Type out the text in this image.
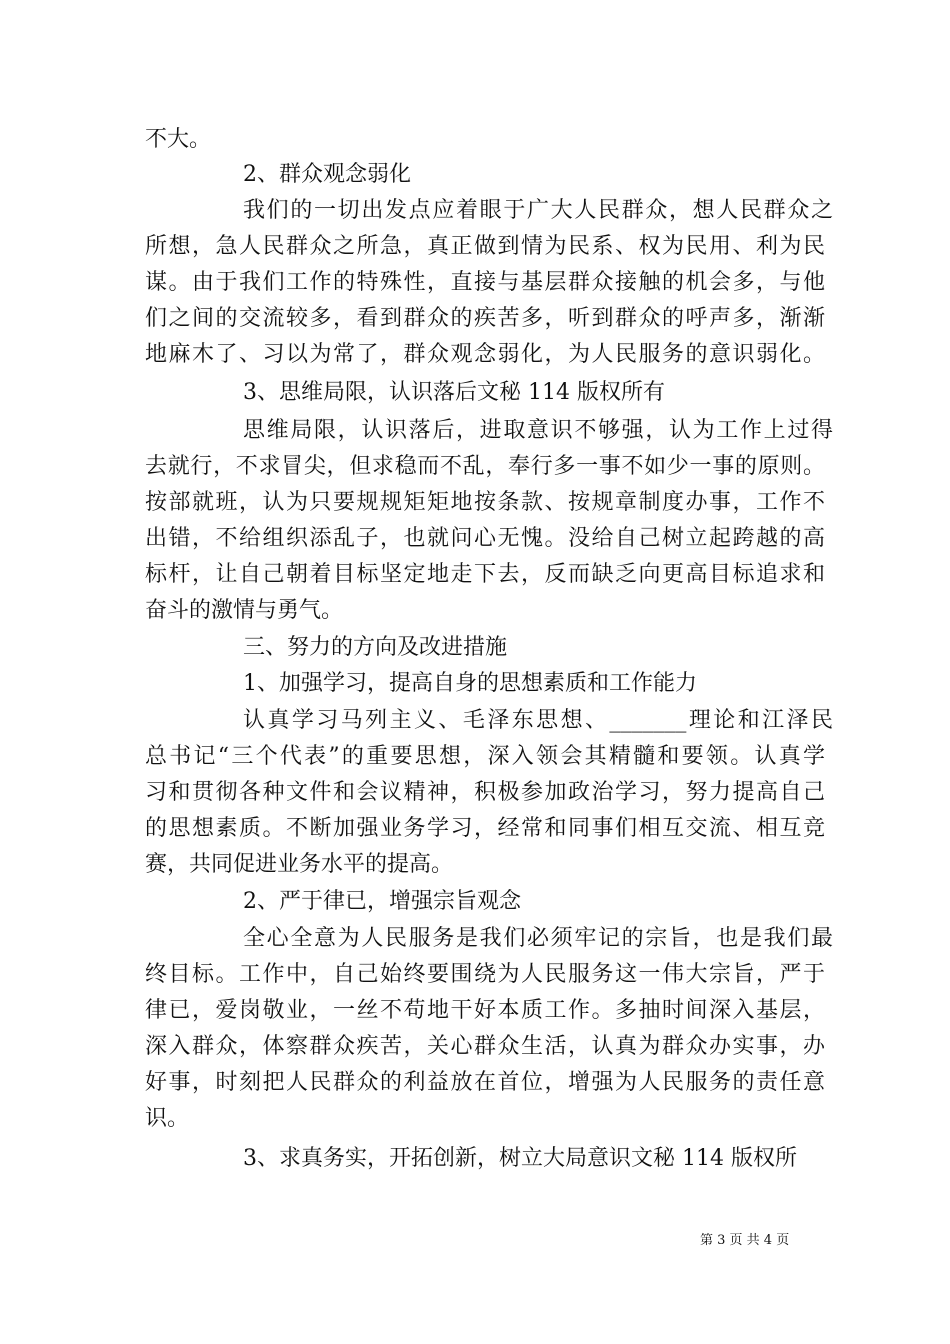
不大。
2、群众观念弱化
我们的一切出发点应着眼于广大人民群众，想人民群众之
所想，急人民群众之所急，真正做到情为民系、权为民用、利为民
谋。由于我们工作的特殊性，直接与基层群众接触的机会多，与他
们之间的交流较多，看到群众的疾苦多，听到群众的呼声多，渐渐
地麻木了、习以为常了，群众观念弱化，为人民服务的意识弱化。
3、思维局限，认识落后文秘 114 版权所有
思维局限，认识落后，进取意识不够强，认为工作上过得
去就行，不求冒尖，但求稳而不乱，奉行多一事不如少一事的原则。
按部就班，认为只要规规矩矩地按条款、按规章制度办事，工作不
出错，不给组织添乱子，也就问心无愧。没给自己树立起跨越的高
标杆，让自己朝着目标坚定地走下去，反而缺乏向更高目标追求和
奋斗的激情与勇气。
三、努力的方向及改进措施
1、加强学习，提高自身的思想素质和工作能力
认真学习马列主义、毛泽东思想、_______理论和江泽民
总书记“三个代表”的重要思想，深入领会其精髓和要领。认真学
习和贯彻各种文件和会议精神，积极参加政治学习，努力提高自己
的思想素质。不断加强业务学习，经常和同事们相互交流、相互竞
赛，共同促进业务水平的提高。
2、严于律已，增强宗旨观念
全心全意为人民服务是我们必须牢记的宗旨，也是我们最
终目标。工作中，自己始终要围绕为人民服务这一伟大宗旨，严于
律已，爱岗敬业，一丝不苟地干好本质工作。多抽时间深入基层，
深入群众，体察群众疾苦，关心群众生活，认真为群众办实事，办
好事，时刻把人民群众的利益放在首位，增强为人民服务的责任意
识。
3、求真务实，开拓创新，树立大局意识文秘 114 版权所
第 3 页 共 4 页
